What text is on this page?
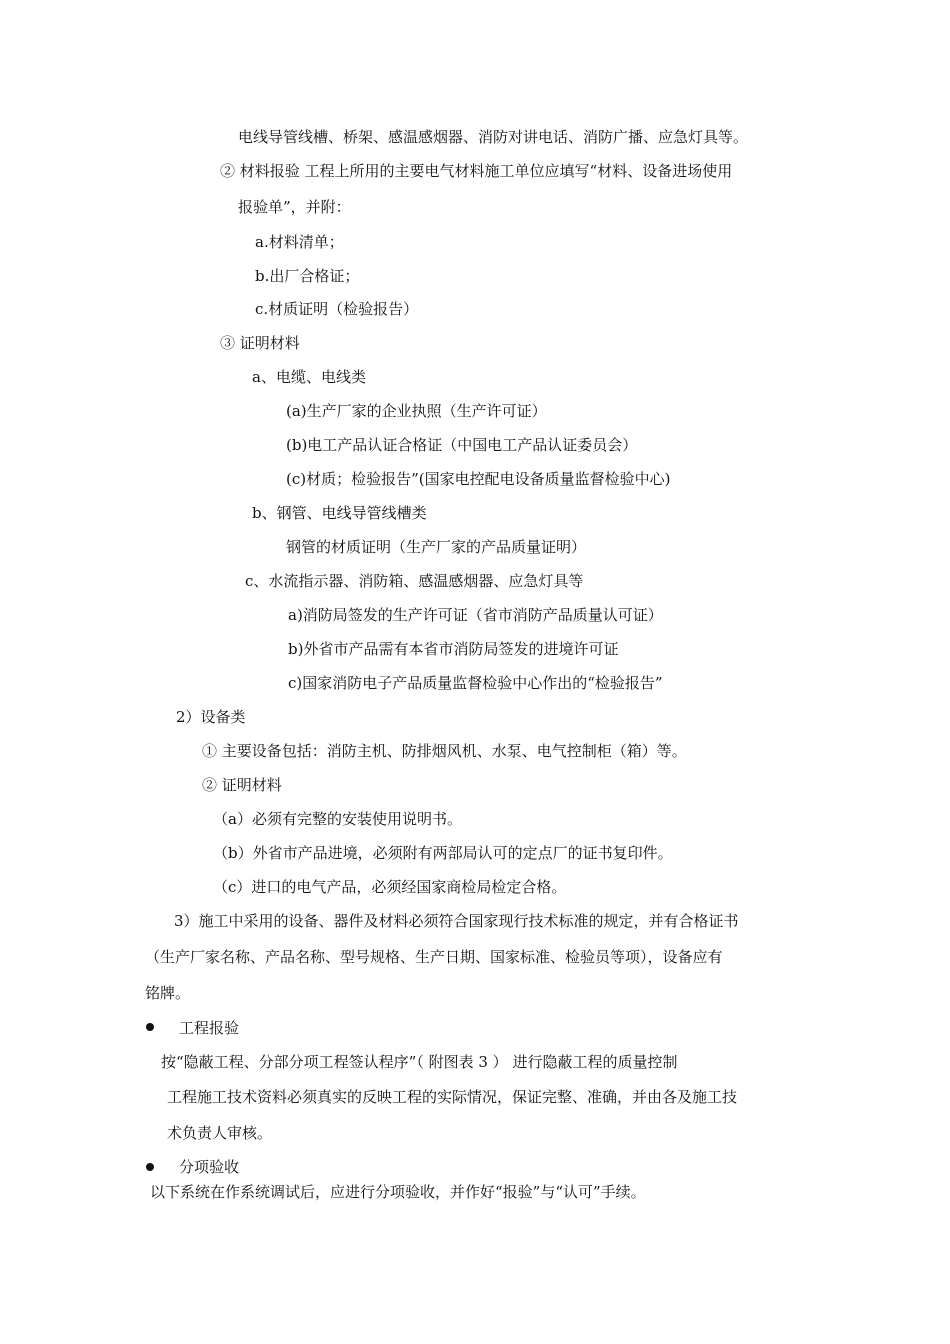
电线导管线槽、桥架、感温感烟器、消防对讲电话、消防广播、应急灯具等。
② 材料报验 工程上所用的主要电气材料施工单位应填写“材料、设备进场使用
报验单”，并附：
a.材料清单；
b.出厂合格证；
c.材质证明（检验报告）
③ 证明材料
a、电缆、电线类
(a)生产厂家的企业执照（生产许可证）
(b)电工产品认证合格证（中国电工产品认证委员会）
(c)材质；检验报告”(国家电控配电设备质量监督检验中心)
b、钢管、电线导管线槽类
钢管的材质证明（生产厂家的产品质量证明）
c、水流指示器、消防箱、感温感烟器、应急灯具等
a)消防局签发的生产许可证（省市消防产品质量认可证）
b)外省市产品需有本省市消防局签发的进境许可证
c)国家消防电子产品质量监督检验中心作出的“检验报告”
2）设备类
① 主要设备包括：消防主机、防排烟风机、水泵、电气控制柜（箱）等。
② 证明材料
（a）必须有完整的安装使用说明书。
（b）外省市产品进境，必须附有两部局认可的定点厂的证书复印件。
（c）进口的电气产品，必须经国家商检局检定合格。
3）施工中采用的设备、器件及材料必须符合国家现行技术标准的规定，并有合格证书
（生产厂家名称、产品名称、型号规格、生产日期、国家标准、检验员等项），设备应有
铭牌。
工程报验
按“隐蔽工程、分部分项工程签认程序”（ 附图表 3 ） 进行隐蔽工程的质量控制
工程施工技术资料必须真实的反映工程的实际情况，保证完整、准确，并由各及施工技
术负责人审核。
分项验收
以下系统在作系统调试后，应进行分项验收，并作好“报验”与“认可”手续。
